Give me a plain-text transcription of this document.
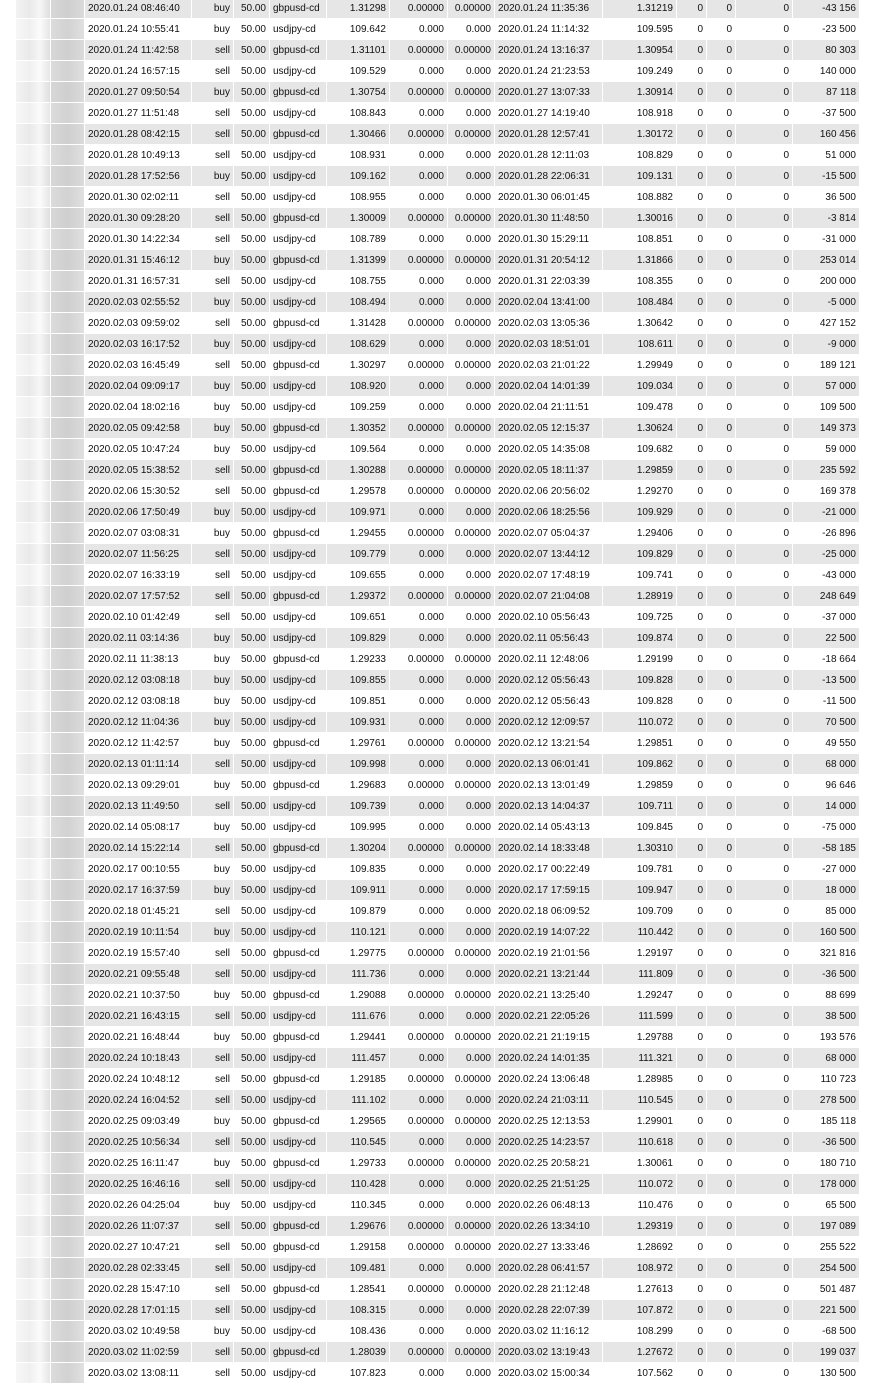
		2020.01.24 08:46:40	buy	50.00	gbpusd-cd	1.31298	0.00000	0.00000	2020.01.24 11:35:36	1.31219	0	0	0	-43 156
		2020.01.24 10:55:41	buy	50.00	usdjpy-cd	109.642	0.000	0.000	2020.01.24 11:14:32	109.595	0	0	0	-23 500
		2020.01.24 11:42:58	sell	50.00	gbpusd-cd	1.31101	0.00000	0.00000	2020.01.24 13:16:37	1.30954	0	0	0	80 303
		2020.01.24 16:57:15	sell	50.00	usdjpy-cd	109.529	0.000	0.000	2020.01.24 21:23:53	109.249	0	0	0	140 000
		2020.01.27 09:50:54	buy	50.00	gbpusd-cd	1.30754	0.00000	0.00000	2020.01.27 13:07:33	1.30914	0	0	0	87 118
		2020.01.27 11:51:48	sell	50.00	usdjpy-cd	108.843	0.000	0.000	2020.01.27 14:19:40	108.918	0	0	0	-37 500
		2020.01.28 08:42:15	sell	50.00	gbpusd-cd	1.30466	0.00000	0.00000	2020.01.28 12:57:41	1.30172	0	0	0	160 456
		2020.01.28 10:49:13	sell	50.00	usdjpy-cd	108.931	0.000	0.000	2020.01.28 12:11:03	108.829	0	0	0	51 000
		2020.01.28 17:52:56	buy	50.00	usdjpy-cd	109.162	0.000	0.000	2020.01.28 22:06:31	109.131	0	0	0	-15 500
		2020.01.30 02:02:11	sell	50.00	usdjpy-cd	108.955	0.000	0.000	2020.01.30 06:01:45	108.882	0	0	0	36 500
		2020.01.30 09:28:20	sell	50.00	gbpusd-cd	1.30009	0.00000	0.00000	2020.01.30 11:48:50	1.30016	0	0	0	-3 814
		2020.01.30 14:22:34	sell	50.00	usdjpy-cd	108.789	0.000	0.000	2020.01.30 15:29:11	108.851	0	0	0	-31 000
		2020.01.31 15:46:12	buy	50.00	gbpusd-cd	1.31399	0.00000	0.00000	2020.01.31 20:54:12	1.31866	0	0	0	253 014
		2020.01.31 16:57:31	sell	50.00	usdjpy-cd	108.755	0.000	0.000	2020.01.31 22:03:39	108.355	0	0	0	200 000
		2020.02.03 02:55:52	buy	50.00	usdjpy-cd	108.494	0.000	0.000	2020.02.04 13:41:00	108.484	0	0	0	-5 000
		2020.02.03 09:59:02	sell	50.00	gbpusd-cd	1.31428	0.00000	0.00000	2020.02.03 13:05:36	1.30642	0	0	0	427 152
		2020.02.03 16:17:52	buy	50.00	usdjpy-cd	108.629	0.000	0.000	2020.02.03 18:51:01	108.611	0	0	0	-9 000
		2020.02.03 16:45:49	sell	50.00	gbpusd-cd	1.30297	0.00000	0.00000	2020.02.03 21:01:22	1.29949	0	0	0	189 121
		2020.02.04 09:09:17	buy	50.00	usdjpy-cd	108.920	0.000	0.000	2020.02.04 14:01:39	109.034	0	0	0	57 000
		2020.02.04 18:02:16	buy	50.00	usdjpy-cd	109.259	0.000	0.000	2020.02.04 21:11:51	109.478	0	0	0	109 500
		2020.02.05 09:42:58	buy	50.00	gbpusd-cd	1.30352	0.00000	0.00000	2020.02.05 12:15:37	1.30624	0	0	0	149 373
		2020.02.05 10:47:24	buy	50.00	usdjpy-cd	109.564	0.000	0.000	2020.02.05 14:35:08	109.682	0	0	0	59 000
		2020.02.05 15:38:52	sell	50.00	gbpusd-cd	1.30288	0.00000	0.00000	2020.02.05 18:11:37	1.29859	0	0	0	235 592
		2020.02.06 15:30:52	sell	50.00	gbpusd-cd	1.29578	0.00000	0.00000	2020.02.06 20:56:02	1.29270	0	0	0	169 378
		2020.02.06 17:50:49	buy	50.00	usdjpy-cd	109.971	0.000	0.000	2020.02.06 18:25:56	109.929	0	0	0	-21 000
		2020.02.07 03:08:31	buy	50.00	gbpusd-cd	1.29455	0.00000	0.00000	2020.02.07 05:04:37	1.29406	0	0	0	-26 896
		2020.02.07 11:56:25	sell	50.00	usdjpy-cd	109.779	0.000	0.000	2020.02.07 13:44:12	109.829	0	0	0	-25 000
		2020.02.07 16:33:19	sell	50.00	usdjpy-cd	109.655	0.000	0.000	2020.02.07 17:48:19	109.741	0	0	0	-43 000
		2020.02.07 17:57:52	sell	50.00	gbpusd-cd	1.29372	0.00000	0.00000	2020.02.07 21:04:08	1.28919	0	0	0	248 649
		2020.02.10 01:42:49	sell	50.00	usdjpy-cd	109.651	0.000	0.000	2020.02.10 05:56:43	109.725	0	0	0	-37 000
		2020.02.11 03:14:36	buy	50.00	usdjpy-cd	109.829	0.000	0.000	2020.02.11 05:56:43	109.874	0	0	0	22 500
		2020.02.11 11:38:13	buy	50.00	gbpusd-cd	1.29233	0.00000	0.00000	2020.02.11 12:48:06	1.29199	0	0	0	-18 664
		2020.02.12 03:08:18	buy	50.00	usdjpy-cd	109.855	0.000	0.000	2020.02.12 05:56:43	109.828	0	0	0	-13 500
		2020.02.12 03:08:18	buy	50.00	usdjpy-cd	109.851	0.000	0.000	2020.02.12 05:56:43	109.828	0	0	0	-11 500
		2020.02.12 11:04:36	buy	50.00	usdjpy-cd	109.931	0.000	0.000	2020.02.12 12:09:57	110.072	0	0	0	70 500
		2020.02.12 11:42:57	buy	50.00	gbpusd-cd	1.29761	0.00000	0.00000	2020.02.12 13:21:54	1.29851	0	0	0	49 550
		2020.02.13 01:11:14	sell	50.00	usdjpy-cd	109.998	0.000	0.000	2020.02.13 06:01:41	109.862	0	0	0	68 000
		2020.02.13 09:29:01	buy	50.00	gbpusd-cd	1.29683	0.00000	0.00000	2020.02.13 13:01:49	1.29859	0	0	0	96 646
		2020.02.13 11:49:50	sell	50.00	usdjpy-cd	109.739	0.000	0.000	2020.02.13 14:04:37	109.711	0	0	0	14 000
		2020.02.14 05:08:17	buy	50.00	usdjpy-cd	109.995	0.000	0.000	2020.02.14 05:43:13	109.845	0	0	0	-75 000
		2020.02.14 15:22:14	sell	50.00	gbpusd-cd	1.30204	0.00000	0.00000	2020.02.14 18:33:48	1.30310	0	0	0	-58 185
		2020.02.17 00:10:55	buy	50.00	usdjpy-cd	109.835	0.000	0.000	2020.02.17 00:22:49	109.781	0	0	0	-27 000
		2020.02.17 16:37:59	buy	50.00	usdjpy-cd	109.911	0.000	0.000	2020.02.17 17:59:15	109.947	0	0	0	18 000
		2020.02.18 01:45:21	sell	50.00	usdjpy-cd	109.879	0.000	0.000	2020.02.18 06:09:52	109.709	0	0	0	85 000
		2020.02.19 10:11:54	buy	50.00	usdjpy-cd	110.121	0.000	0.000	2020.02.19 14:07:22	110.442	0	0	0	160 500
		2020.02.19 15:57:40	sell	50.00	gbpusd-cd	1.29775	0.00000	0.00000	2020.02.19 21:01:56	1.29197	0	0	0	321 816
		2020.02.21 09:55:48	sell	50.00	usdjpy-cd	111.736	0.000	0.000	2020.02.21 13:21:44	111.809	0	0	0	-36 500
		2020.02.21 10:37:50	buy	50.00	gbpusd-cd	1.29088	0.00000	0.00000	2020.02.21 13:25:40	1.29247	0	0	0	88 699
		2020.02.21 16:43:15	sell	50.00	usdjpy-cd	111.676	0.000	0.000	2020.02.21 22:05:26	111.599	0	0	0	38 500
		2020.02.21 16:48:44	buy	50.00	gbpusd-cd	1.29441	0.00000	0.00000	2020.02.21 21:19:15	1.29788	0	0	0	193 576
		2020.02.24 10:18:43	sell	50.00	usdjpy-cd	111.457	0.000	0.000	2020.02.24 14:01:35	111.321	0	0	0	68 000
		2020.02.24 10:48:12	sell	50.00	gbpusd-cd	1.29185	0.00000	0.00000	2020.02.24 13:06:48	1.28985	0	0	0	110 723
		2020.02.24 16:04:52	sell	50.00	usdjpy-cd	111.102	0.000	0.000	2020.02.24 21:03:11	110.545	0	0	0	278 500
		2020.02.25 09:03:49	buy	50.00	gbpusd-cd	1.29565	0.00000	0.00000	2020.02.25 12:13:53	1.29901	0	0	0	185 118
		2020.02.25 10:56:34	sell	50.00	usdjpy-cd	110.545	0.000	0.000	2020.02.25 14:23:57	110.618	0	0	0	-36 500
		2020.02.25 16:11:47	buy	50.00	gbpusd-cd	1.29733	0.00000	0.00000	2020.02.25 20:58:21	1.30061	0	0	0	180 710
		2020.02.25 16:46:16	sell	50.00	usdjpy-cd	110.428	0.000	0.000	2020.02.25 21:51:25	110.072	0	0	0	178 000
		2020.02.26 04:25:04	buy	50.00	usdjpy-cd	110.345	0.000	0.000	2020.02.26 06:48:13	110.476	0	0	0	65 500
		2020.02.26 11:07:37	sell	50.00	gbpusd-cd	1.29676	0.00000	0.00000	2020.02.26 13:34:10	1.29319	0	0	0	197 089
		2020.02.27 10:47:21	sell	50.00	gbpusd-cd	1.29158	0.00000	0.00000	2020.02.27 13:33:46	1.28692	0	0	0	255 522
		2020.02.28 02:33:45	sell	50.00	usdjpy-cd	109.481	0.000	0.000	2020.02.28 06:41:57	108.972	0	0	0	254 500
		2020.02.28 15:47:10	sell	50.00	gbpusd-cd	1.28541	0.00000	0.00000	2020.02.28 21:12:48	1.27613	0	0	0	501 487
		2020.02.28 17:01:15	sell	50.00	usdjpy-cd	108.315	0.000	0.000	2020.02.28 22:07:39	107.872	0	0	0	221 500
		2020.03.02 10:49:58	buy	50.00	usdjpy-cd	108.436	0.000	0.000	2020.03.02 11:16:12	108.299	0	0	0	-68 500
		2020.03.02 11:02:59	sell	50.00	gbpusd-cd	1.28039	0.00000	0.00000	2020.03.02 13:19:43	1.27672	0	0	0	199 037
		2020.03.02 13:08:11	sell	50.00	usdjpy-cd	107.823	0.000	0.000	2020.03.02 15:00:34	107.562	0	0	0	130 500
